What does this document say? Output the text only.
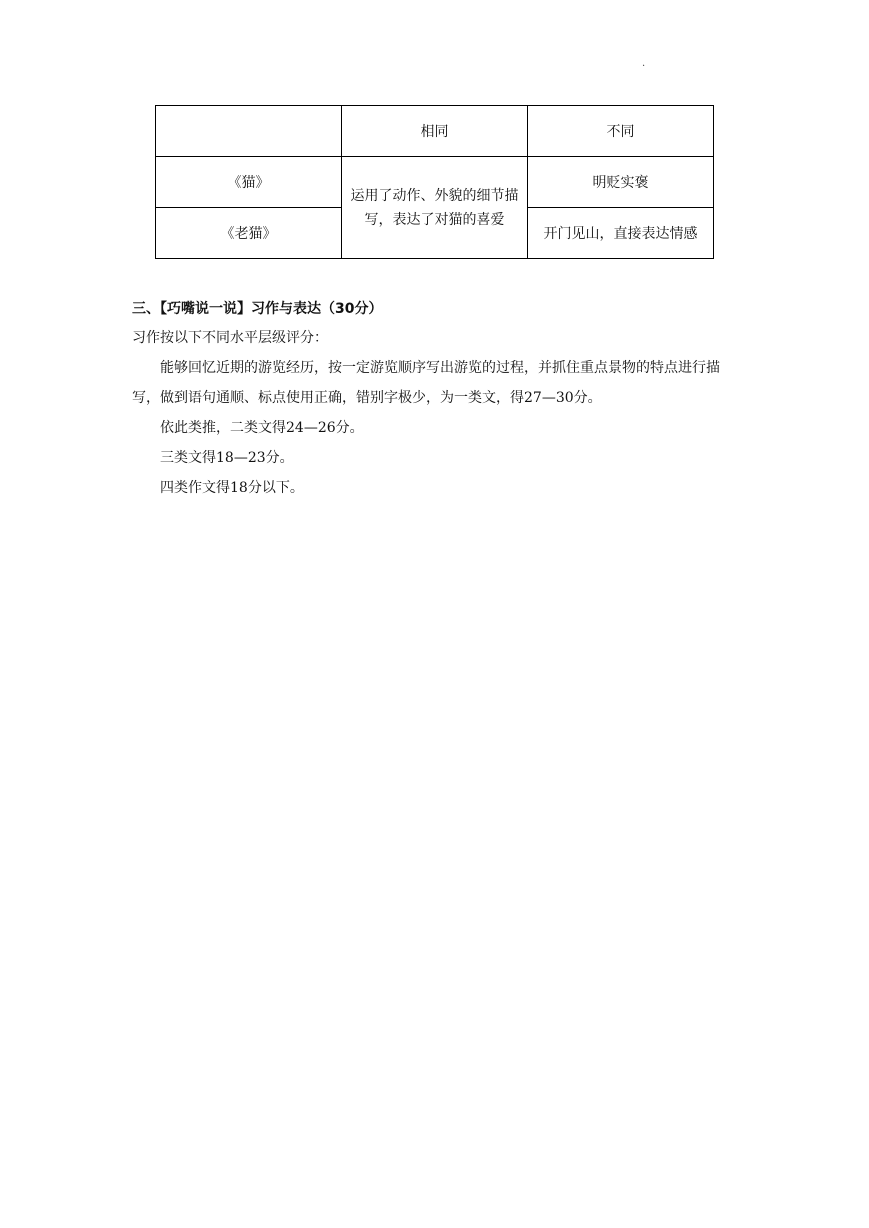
.
	相同	不同
《猫》	运用了动作、外貌的细节描写，表达了对猫的喜爱	明贬实褒
《老猫》		开门见山，直接表达情感
三、【巧嘴说一说】习作与表达（30分）
习作按以下不同水平层级评分：
能够回忆近期的游览经历，按一定游览顺序写出游览的过程，并抓住重点景物的特点进行描写，做到语句通顺、标点使用正确，错别字极少，为一类文，得27—30分。
依此类推，二类文得24—26分。
三类文得18—23分。
四类作文得18分以下。
